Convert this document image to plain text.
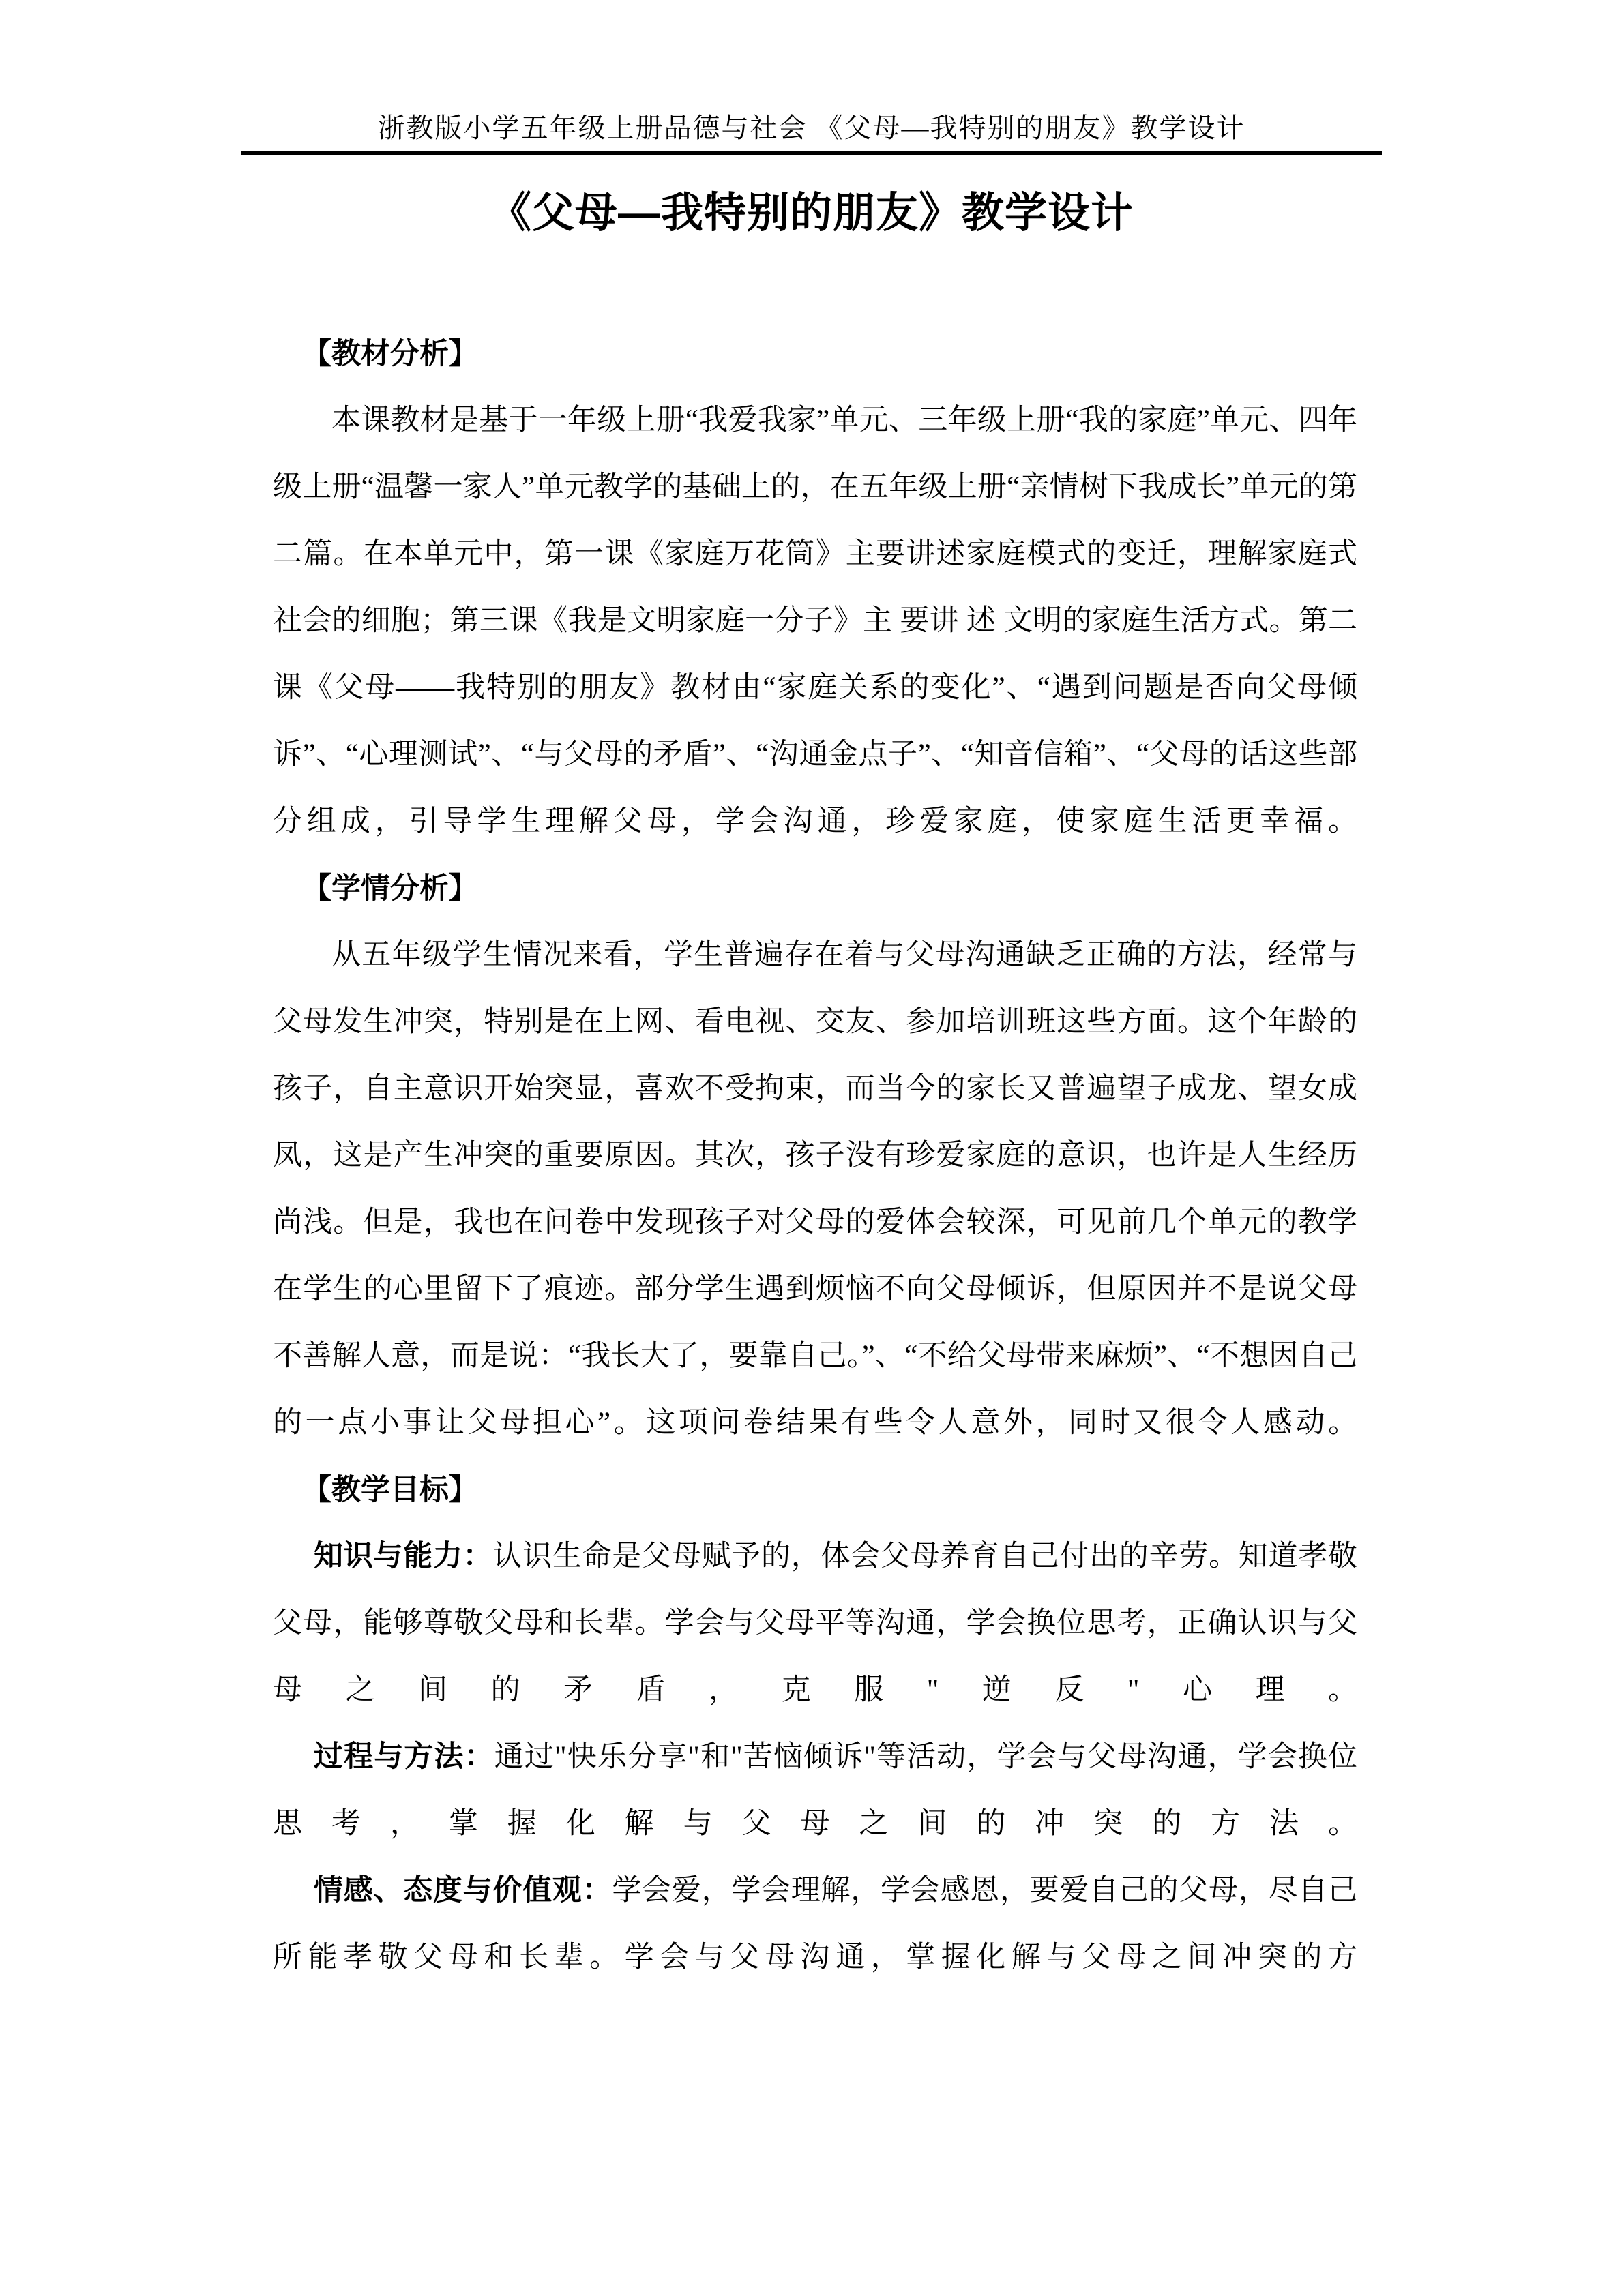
浙教版小学五年级上册品德与社会 《父母—我特别的朋友》教学设计
《父母—我特别的朋友》教学设计
【教材分析】
本课教材是基于一年级上册“我爱我家”单元、三年级上册“我的家庭”单元、四年级上册“温馨一家人”单元教学的基础上的，在五年级上册“亲情树下我成长”单元的第二篇。在本单元中，第一课《家庭万花筒》主要讲述家庭模式的变迁，理解家庭式社会的细胞；第三课《我是文明家庭一分子》主 要讲 述 文明的家庭生活方式。第二课《父母——我特别的朋友》教材由“家庭关系的变化”、“遇到问题是否向父母倾诉”、“心理测试”、“与父母的矛盾”、“沟通金点子”、“知音信箱”、“父母的话这些部分组成，引导学生理解父母，学会沟通，珍爱家庭，使家庭生活更幸福。
【学情分析】
从五年级学生情况来看，学生普遍存在着与父母沟通缺乏正确的方法，经常与父母发生冲突，特别是在上网、看电视、交友、参加培训班这些方面。这个年龄的孩子，自主意识开始突显，喜欢不受拘束，而当今的家长又普遍望子成龙、望女成凤，这是产生冲突的重要原因。其次，孩子没有珍爱家庭的意识，也许是人生经历尚浅。但是，我也在问卷中发现孩子对父母的爱体会较深，可见前几个单元的教学在学生的心里留下了痕迹。部分学生遇到烦恼不向父母倾诉，但原因并不是说父母不善解人意，而是说：“我长大了，要靠自己。”、“不给父母带来麻烦”、“不想因自己的一点小事让父母担心”。这项问卷结果有些令人意外，同时又很令人感动。
【教学目标】
知识与能力：认识生命是父母赋予的，体会父母养育自己付出的辛劳。知道孝敬父母，能够尊敬父母和长辈。学会与父母平等沟通，学会换位思考，正确认识与父母之间的矛盾，克服"逆反"心理。
过程与方法：通过"快乐分享"和"苦恼倾诉"等活动，学会与父母沟通，学会换位思考，掌握化解与父母之间的冲突的方法。
情感、态度与价值观：学会爱，学会理解，学会感恩，要爱自己的父母，尽自己所能孝敬父母和长辈。学会与父母沟通，掌握化解与父母之间冲突的方
